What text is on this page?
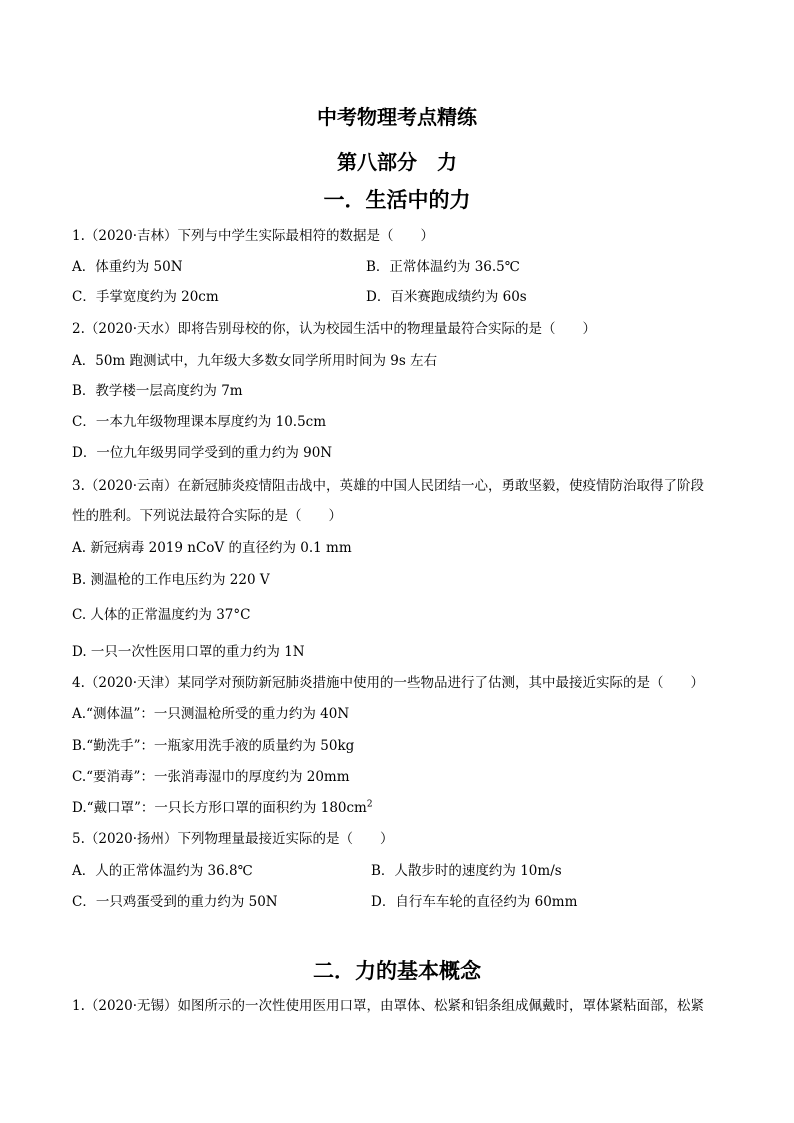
中考物理考点精练
第八部分　力
一．生活中的力
1.（2020·吉林）下列与中学生实际最相符的数据是（　　）
A．体重约为 50N	B．正常体温约为 36.5℃
C．手掌宽度约为 20cm	D．百米赛跑成绩约为 60s
2.（2020·天水）即将告别母校的你，认为校园生活中的物理量最符合实际的是（　　）
A．50m 跑测试中，九年级大多数女同学所用时间为 9s 左右
B．教学楼一层高度约为 7m
C．一本九年级物理课本厚度约为 10.5cm
D．一位九年级男同学受到的重力约为 90N
3.（2020·云南）在新冠肺炎疫情阻击战中，英雄的中国人民团结一心，勇敢坚毅，使疫情防治取得了阶段
性的胜利。下列说法最符合实际的是（　　）
A. 新冠病毒 2019 nCoV 的直径约为 0.1 mm
B. 测温枪的工作电压约为 220 V
C. 人体的正常温度约为 37°C
D. 一只一次性医用口罩的重力约为 1N
4.（2020·天津）某同学对预防新冠肺炎措施中使用的一些物品进行了估测，其中最接近实际的是（　　）
A.“测体温”：一只测温枪所受的重力约为 40N
B.“勤洗手”：一瓶家用洗手液的质量约为 50kg
C.“要消毒”：一张消毒湿巾的厚度约为 20mm
D.“戴口罩”：一只长方形口罩的面积约为 $180cm^2$
5.（2020·扬州）下列物理量最接近实际的是（　　）
A．人的正常体温约为 36.8℃	B．人散步时的速度约为 10m/s
C．一只鸡蛋受到的重力约为 50N	D．自行车车轮的直径约为 60mm
二．力的基本概念
1.（2020·无锡）如图所示的一次性使用医用口罩，由罩体、松紧和铝条组成佩戴时，罩体紧粘面部，松紧
